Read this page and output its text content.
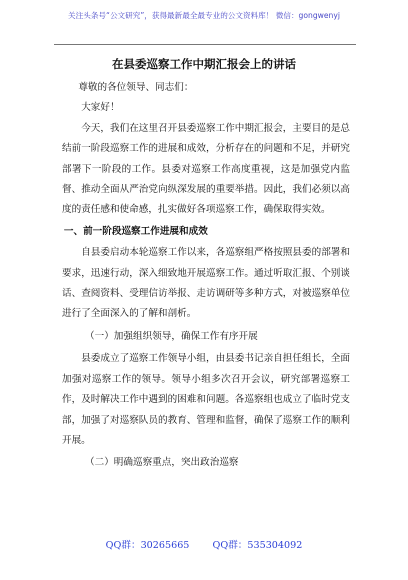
关注头条号“公文研究”，获得最新最全最专业的公文资料库！ 微信：gongwenyj
在县委巡察工作中期汇报会上的讲话

尊敬的各位领导、同志们：

大家好！

今天，我们在这里召开县委巡察工作中期汇报会，主要目的是总结前一阶段巡察工作的进展和成效，分析存在的问题和不足，并研究部署下一阶段的工作。县委对巡察工作高度重视，这是加强党内监督、推动全面从严治党向纵深发展的重要举措。因此，我们必须以高度的责任感和使命感，扎实做好各项巡察工作，确保取得实效。

一、前一阶段巡察工作进展和成效

自县委启动本轮巡察工作以来，各巡察组严格按照县委的部署和要求，迅速行动，深入细致地开展巡察工作。通过听取汇报、个别谈话、查阅资料、受理信访举报、走访调研等多种方式，对被巡察单位进行了全面深入的了解和剖析。

（一）加强组织领导，确保工作有序开展

县委成立了巡察工作领导小组，由县委书记亲自担任组长，全面加强对巡察工作的领导。领导小组多次召开会议，研究部署巡察工作，及时解决工作中遇到的困难和问题。各巡察组也成立了临时党支部，加强了对巡察队员的教育、管理和监督，确保了巡察工作的顺利开展。

（二）明确巡察重点，突出政治巡察

QQ群：30265665 QQ群：535304092
